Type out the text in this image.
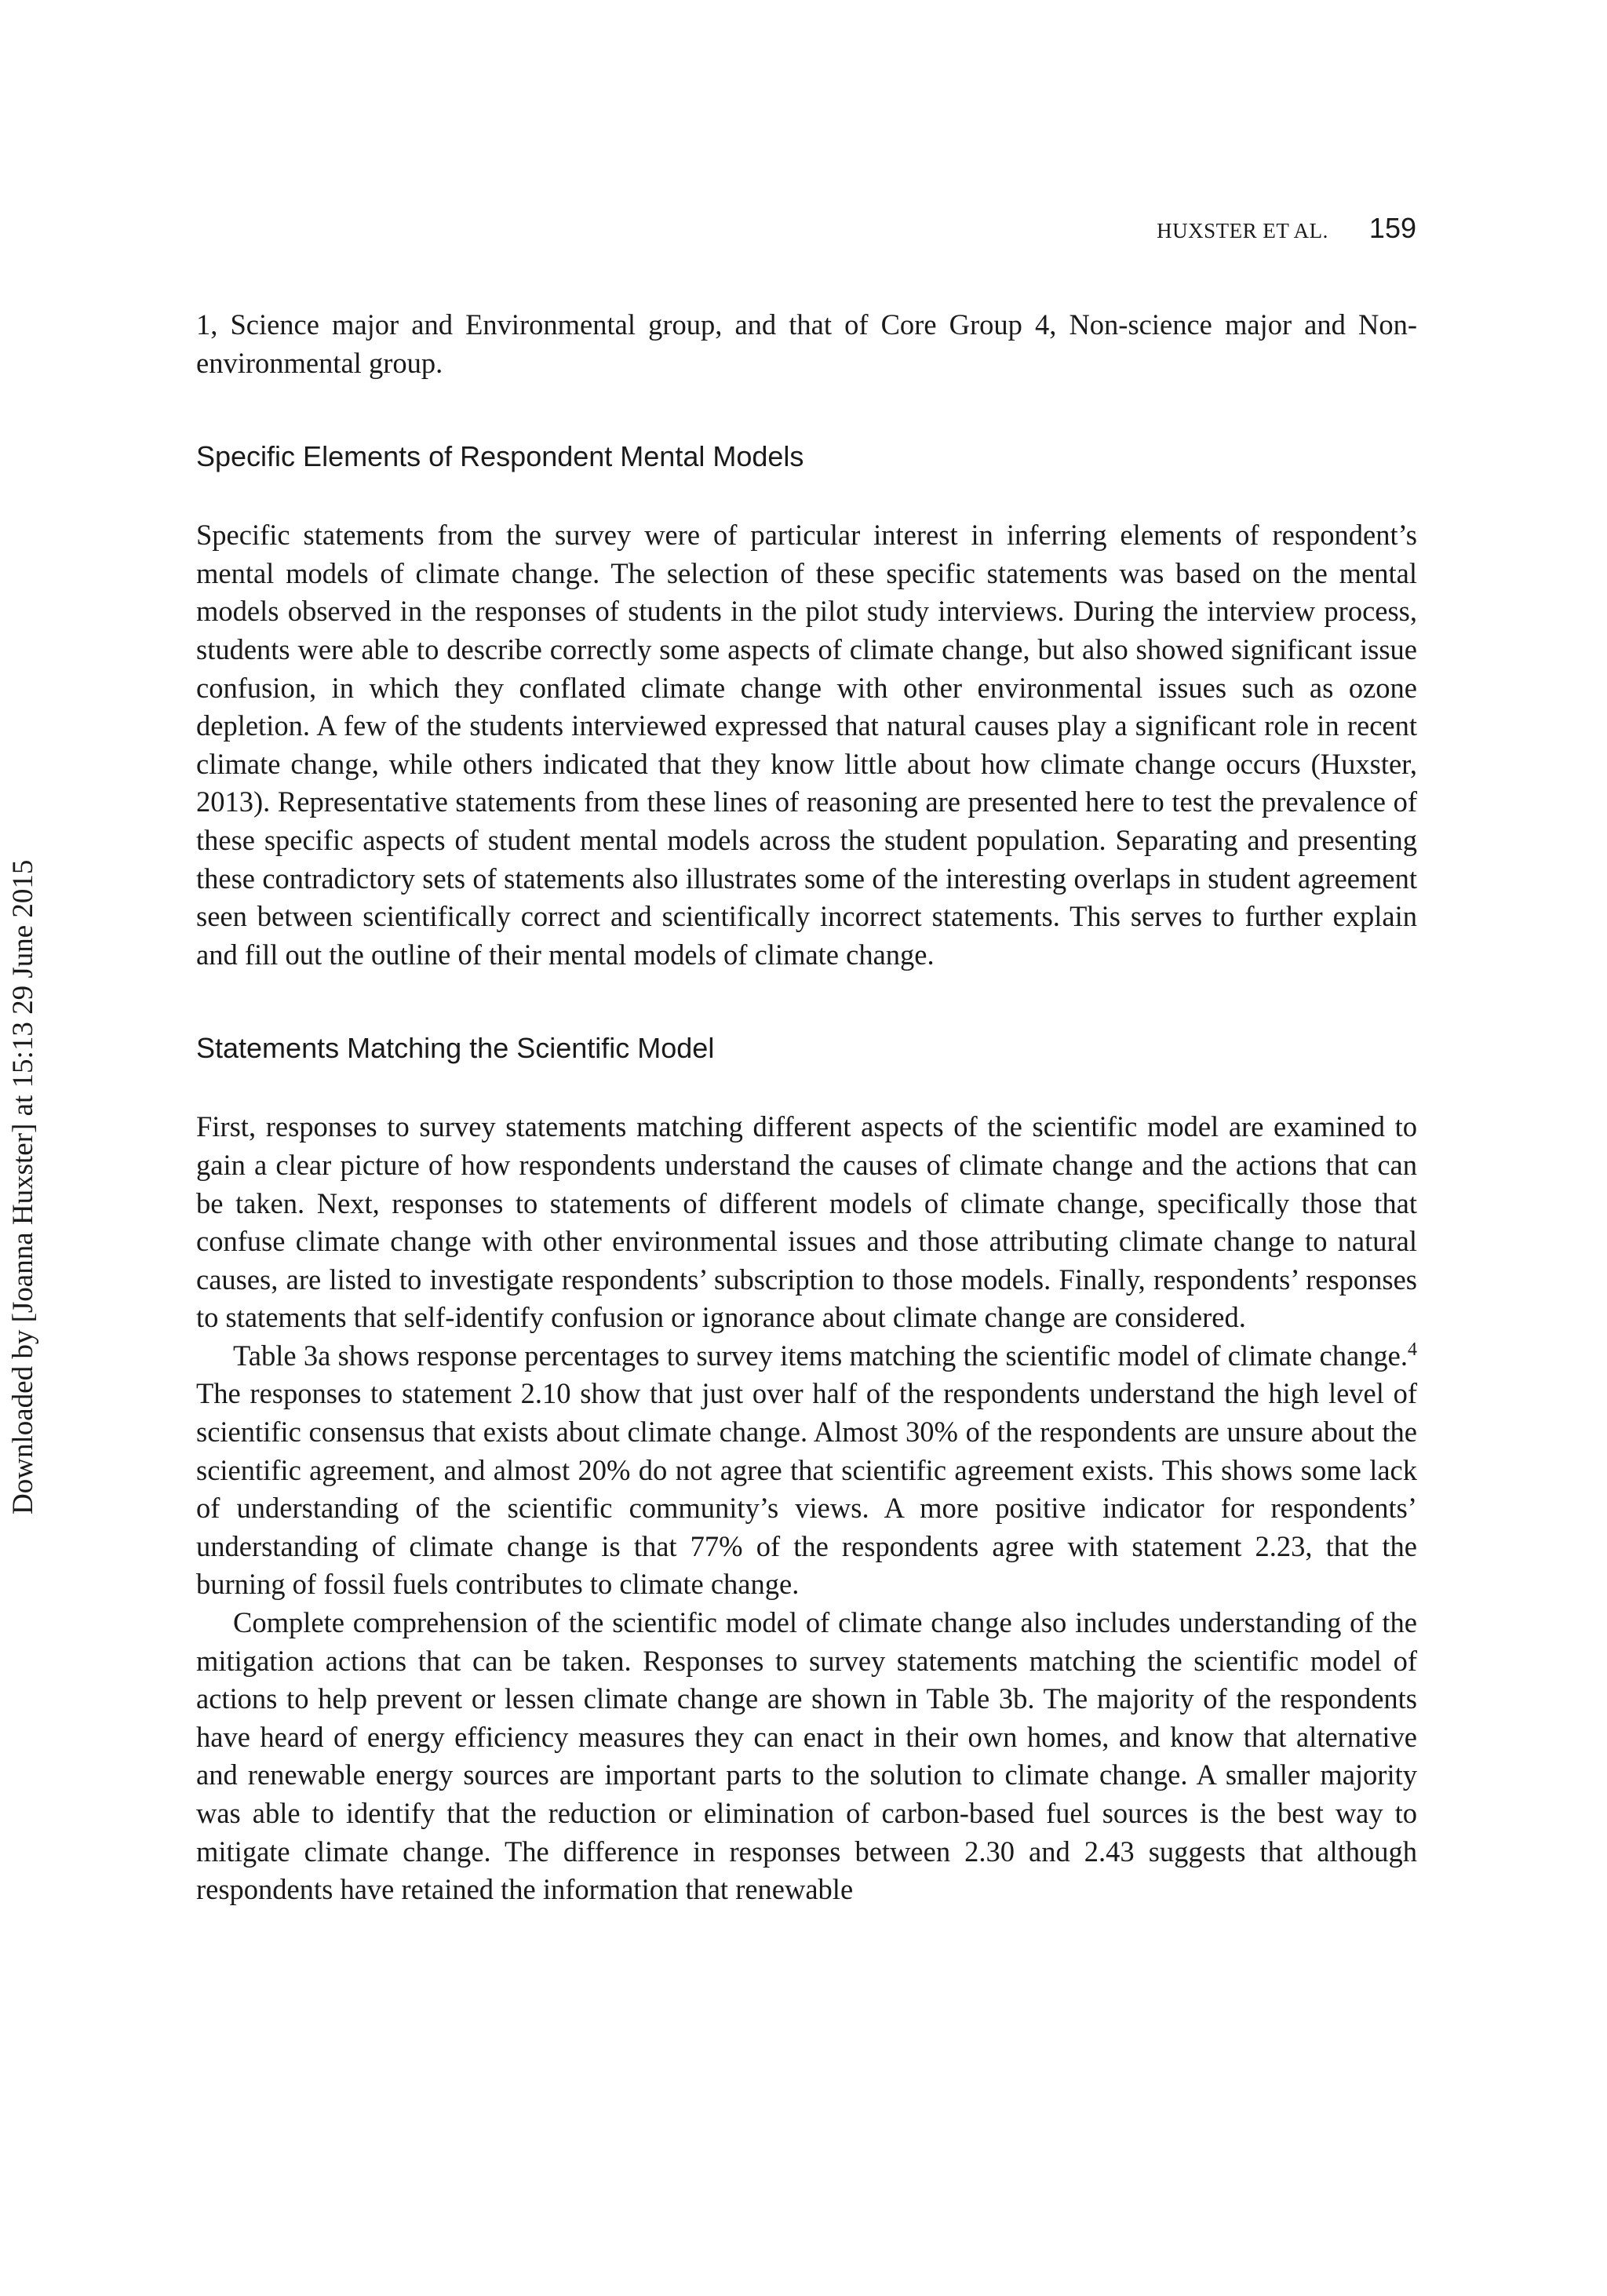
HUXSTER ET AL. 159
Downloaded by [Joanna Huxster] at 15:13 29 June 2015

1, Science major and Environmental group, and that of Core Group 4, Non-science major and Non-environmental group.

Specific Elements of Respondent Mental Models

Specific statements from the survey were of particular interest in inferring elements of respondent’s mental models of climate change. The selection of these specific statements was based on the mental models observed in the responses of students in the pilot study interviews. During the interview process, students were able to describe correctly some aspects of climate change, but also showed significant issue confusion, in which they conflated climate change with other environmental issues such as ozone depletion. A few of the students interviewed expressed that natural causes play a significant role in recent climate change, while others indicated that they know little about how climate change occurs (Huxster, 2013). Representative statements from these lines of reasoning are presented here to test the prevalence of these specific aspects of student mental models across the student population. Separating and presenting these contradictory sets of statements also illustrates some of the interesting overlaps in student agreement seen between scientifically correct and scientifically incorrect statements. This serves to further explain and fill out the outline of their mental models of climate change.

Statements Matching the Scientific Model

First, responses to survey statements matching different aspects of the scientific model are examined to gain a clear picture of how respondents understand the causes of climate change and the actions that can be taken. Next, responses to statements of different models of climate change, specifically those that confuse climate change with other environmental issues and those attributing climate change to natural causes, are listed to investigate respondents’ subscription to those models. Finally, respondents’ responses to statements that self-identify confusion or ignorance about climate change are considered.

Table 3a shows response percentages to survey items matching the scientific model of climate change.$^4$ The responses to statement 2.10 show that just over half of the respondents understand the high level of scientific consensus that exists about climate change. Almost 30% of the respondents are unsure about the scientific agreement, and almost 20% do not agree that scientific agreement exists. This shows some lack of understanding of the scientific community’s views. A more positive indicator for respondents’ understanding of climate change is that 77% of the respondents agree with statement 2.23, that the burning of fossil fuels contributes to climate change.

Complete comprehension of the scientific model of climate change also includes understanding of the mitigation actions that can be taken. Responses to survey statements matching the scientific model of actions to help prevent or lessen climate change are shown in Table 3b. The majority of the respondents have heard of energy efficiency measures they can enact in their own homes, and know that alternative and renewable energy sources are important parts to the solution to climate change. A smaller majority was able to identify that the reduction or elimination of carbon-based fuel sources is the best way to mitigate climate change. The difference in responses between 2.30 and 2.43 suggests that although respondents have retained the information that renewable
